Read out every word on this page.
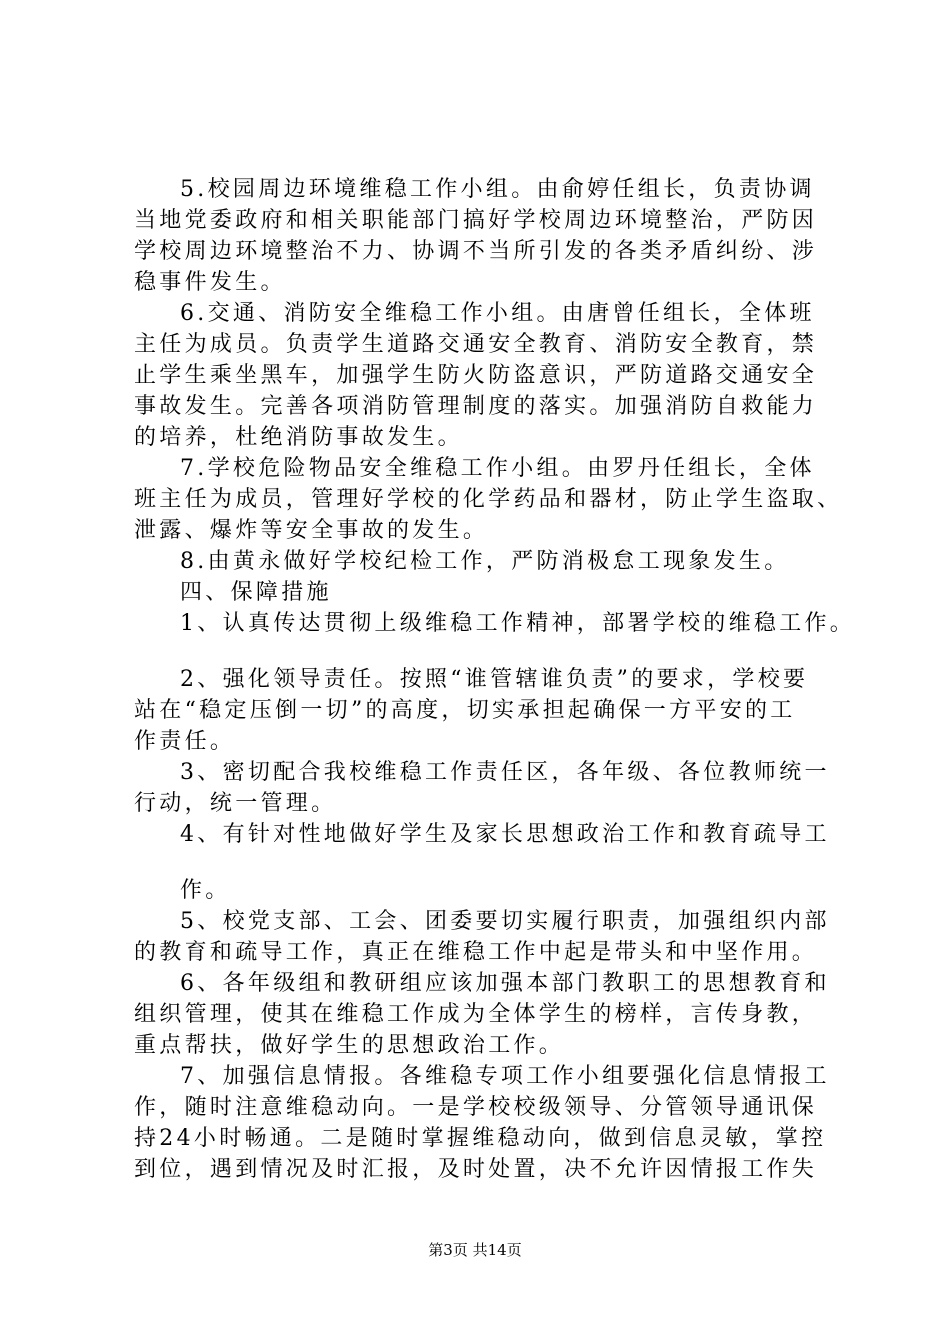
5.校园周边环境维稳工作小组。由俞婷任组长，负责协调
当地党委政府和相关职能部门搞好学校周边环境整治，严防因
学校周边环境整治不力、协调不当所引发的各类矛盾纠纷、涉
稳事件发生。
6.交通、消防安全维稳工作小组。由唐曾任组长，全体班
主任为成员。负责学生道路交通安全教育、消防安全教育，禁
止学生乘坐黑车，加强学生防火防盗意识，严防道路交通安全
事故发生。完善各项消防管理制度的落实。加强消防自救能力
的培养，杜绝消防事故发生。
7.学校危险物品安全维稳工作小组。由罗丹任组长，全体
班主任为成员，管理好学校的化学药品和器材，防止学生盗取、
泄露、爆炸等安全事故的发生。
8.由黄永做好学校纪检工作，严防消极怠工现象发生。
四、保障措施
1、认真传达贯彻上级维稳工作精神，部署学校的维稳工作。
2、强化领导责任。按照“谁管辖谁负责”的要求，学校要
站在“稳定压倒一切”的高度，切实承担起确保一方平安的工
作责任。
3、密切配合我校维稳工作责任区，各年级、各位教师统一
行动，统一管理。
4、有针对性地做好学生及家长思想政治工作和教育疏导工
作。
5、校党支部、工会、团委要切实履行职责，加强组织内部
的教育和疏导工作，真正在维稳工作中起是带头和中坚作用。
6、各年级组和教研组应该加强本部门教职工的思想教育和
组织管理，使其在维稳工作成为全体学生的榜样，言传身教，
重点帮扶，做好学生的思想政治工作。
7、加强信息情报。各维稳专项工作小组要强化信息情报工
作，随时注意维稳动向。一是学校校级领导、分管领导通讯保
持24小时畅通。二是随时掌握维稳动向，做到信息灵敏，掌控
到位，遇到情况及时汇报，及时处置，决不允许因情报工作失
第3页 共14页
